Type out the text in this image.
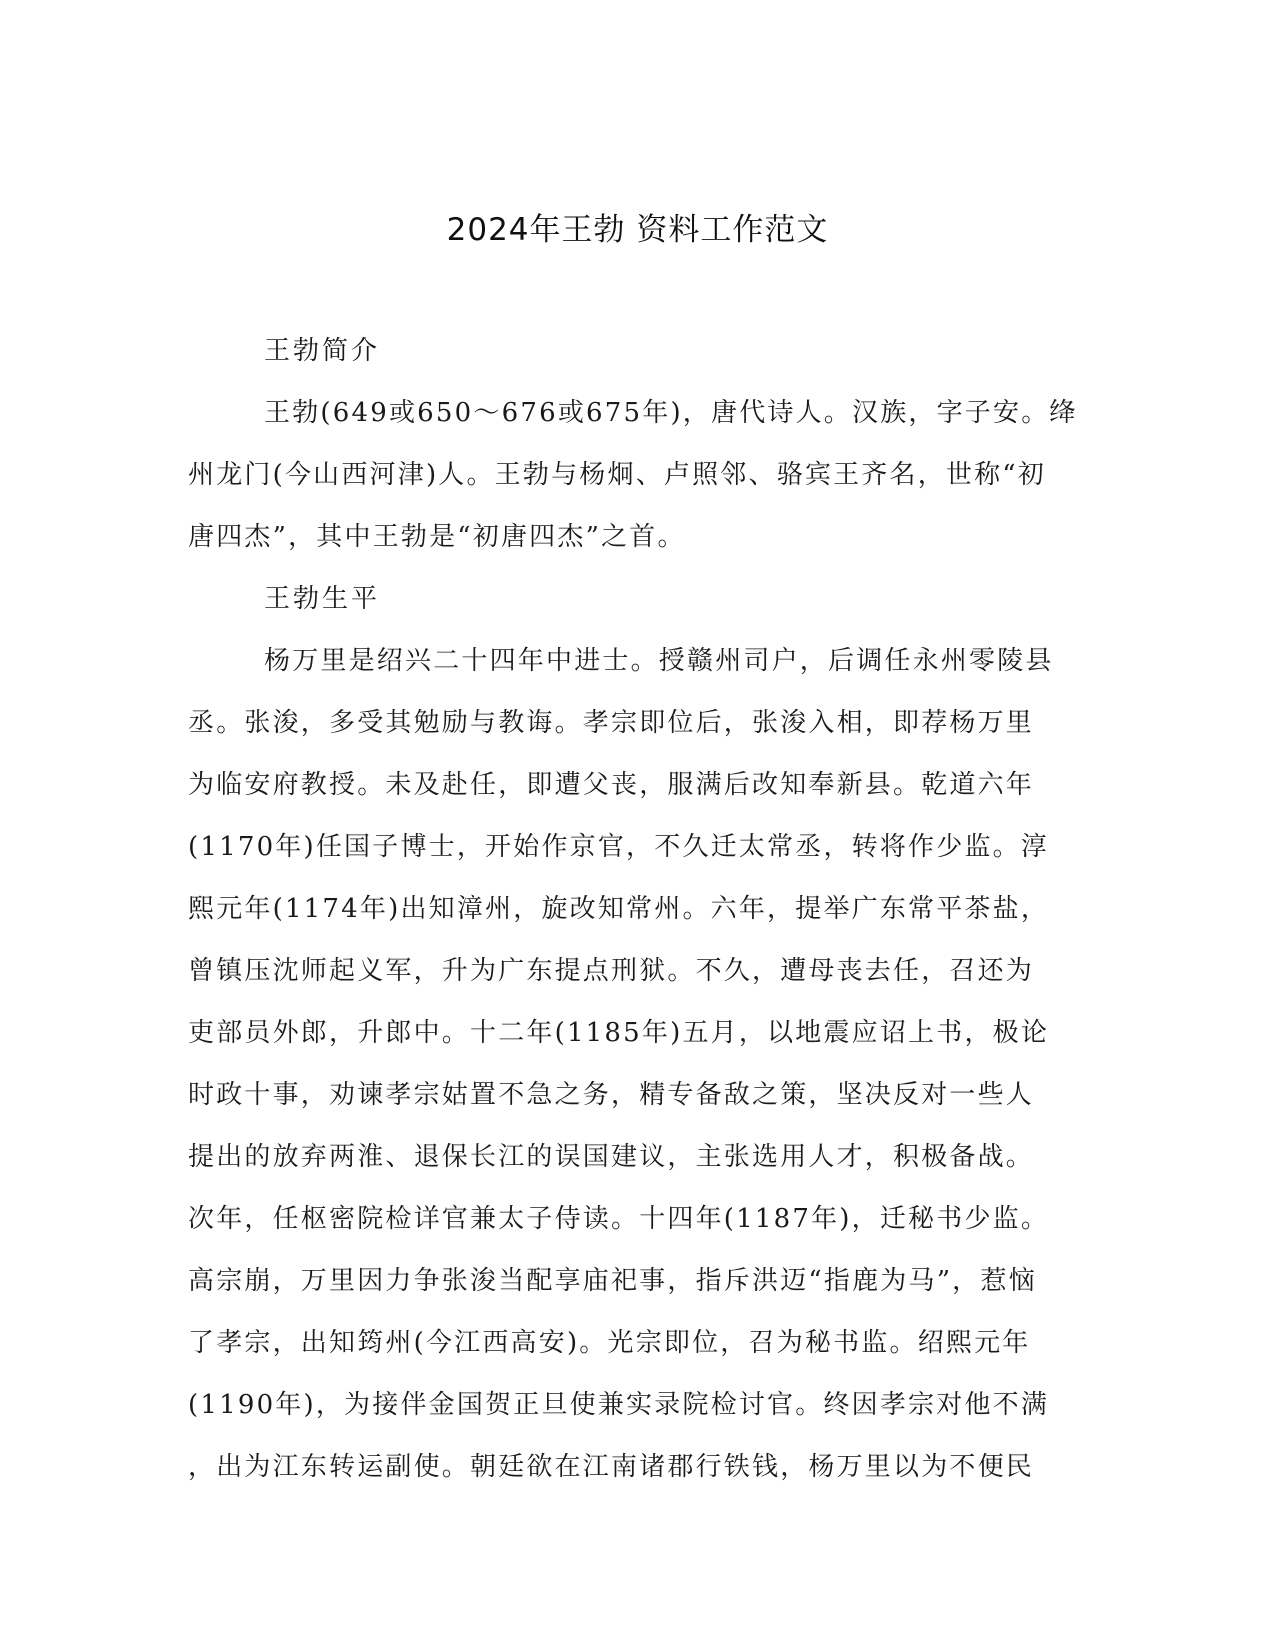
2024年王勃 资料工作范文

王勃简介

王勃(649或650～676或675年)，唐代诗人。汉族，字子安。绛
州龙门(今山西河津)人。王勃与杨炯、卢照邻、骆宾王齐名，世称“初
唐四杰”，其中王勃是“初唐四杰”之首。

王勃生平

杨万里是绍兴二十四年中进士。授赣州司户，后调任永州零陵县
丞。张浚，多受其勉励与教诲。孝宗即位后，张浚入相，即荐杨万里
为临安府教授。未及赴任，即遭父丧，服满后改知奉新县。乾道六年
(1170年)任国子博士，开始作京官，不久迁太常丞，转将作少监。淳
熙元年(1174年)出知漳州，旋改知常州。六年，提举广东常平茶盐，
曾镇压沈师起义军，升为广东提点刑狱。不久，遭母丧去任，召还为
吏部员外郎，升郎中。十二年(1185年)五月，以地震应诏上书，极论
时政十事，劝谏孝宗姑置不急之务，精专备敌之策，坚决反对一些人
提出的放弃两淮、退保长江的误国建议，主张选用人才，积极备战。
次年，任枢密院检详官兼太子侍读。十四年(1187年)，迁秘书少监。
高宗崩，万里因力争张浚当配享庙祀事，指斥洪迈“指鹿为马”，惹恼
了孝宗，出知筠州(今江西高安)。光宗即位，召为秘书监。绍熙元年
(1190年)，为接伴金国贺正旦使兼实录院检讨官。终因孝宗对他不满
，出为江东转运副使。朝廷欲在江南诸郡行铁钱，杨万里以为不便民
